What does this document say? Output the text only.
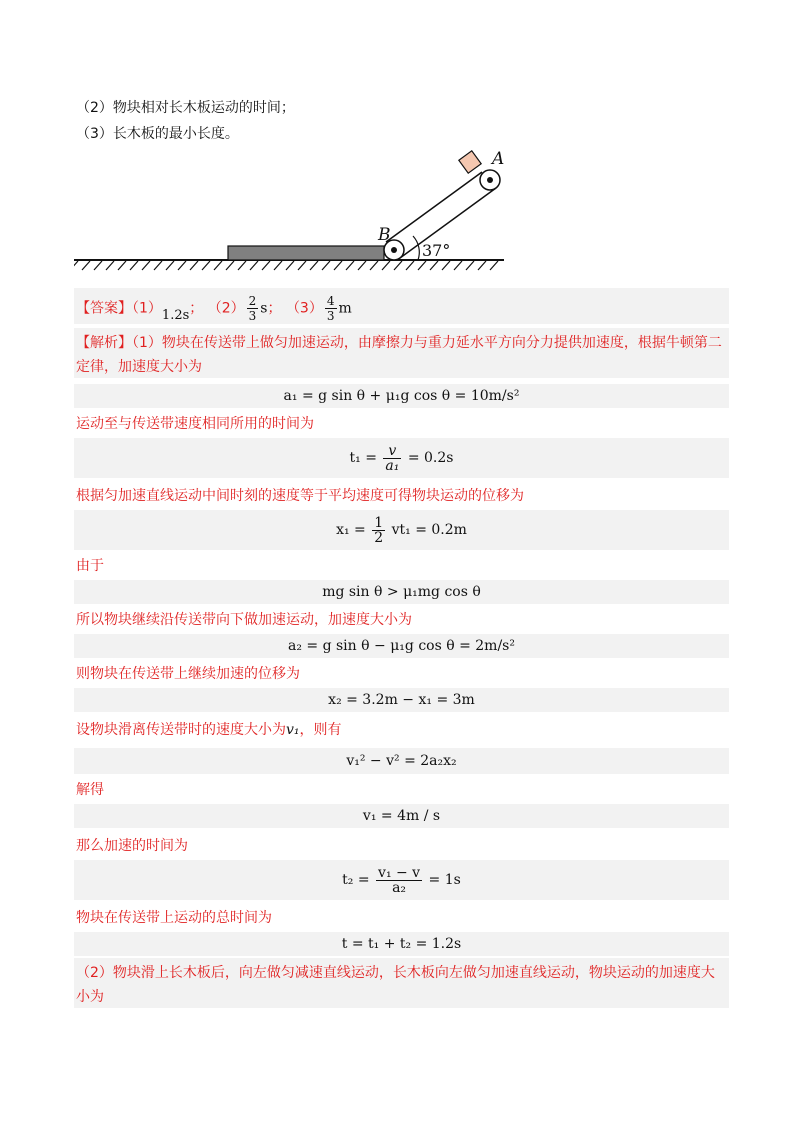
（2）物块相对长木板运动的时间；
（3）长木板的最小长度。
A
B
37°
【答案】（1）1.2s； $(2) \frac{2}{3}$ s； $(3) \frac{4}{3}$ m
【解析】（1）物块在传送带上做匀加速运动，由摩擦力与重力延水平方向分力提供加速度，根据牛顿第二定律，加速度大小为
a₁ = g sin θ + μ₁g cos θ = 10m/s²
运动至与传送带速度相同所用的时间为
$t_1 = \frac{v}{\text{a₁}} = 0.2s$
根据匀加速直线运动中间时刻的速度等于平均速度可得物块运动的位移为
$x_1 = \frac{1}{2} vt_1 = 0.2m$
由于
mg sin θ > μ₁mg cos θ
所以物块继续沿传送带向下做加速运动，加速度大小为
a₂ = g sin θ − μ₁g cos θ = 2m/s²
则物块在传送带上继续加速的位移为
x₂ = 3.2m − x₁ = 3m
设物块滑离传送带时的速度大小为v₁，则有
v₁² − v² = 2a₂x₂
解得
v₁ = 4m / s
那么加速的时间为
$t_2 = \frac{\text{v₁ − v}}{\text{a₂}} = 1s$
物块在传送带上运动的总时间为
t = t₁ + t₂ = 1.2s
（2）物块滑上长木板后，向左做匀减速直线运动，长木板向左做匀加速直线运动，物块运动的加速度大小为
